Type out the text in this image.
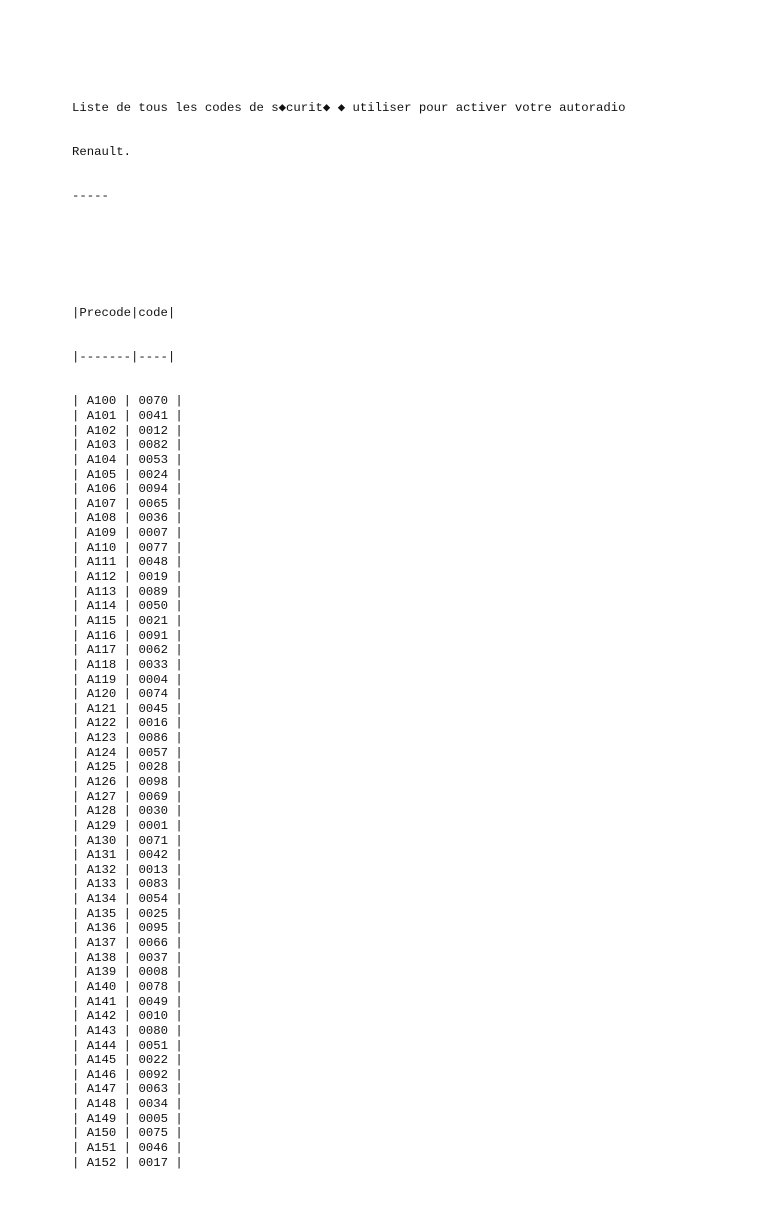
Liste de tous les codes de s◆curit◆ ◆ utiliser pour activer votre autoradio

Renault.

-----

|Precode|code|

|-------|----|

| A100 | 0070 |
| A101 | 0041 |
| A102 | 0012 |
| A103 | 0082 |
| A104 | 0053 |
| A105 | 0024 |
| A106 | 0094 |
| A107 | 0065 |
| A108 | 0036 |
| A109 | 0007 |
| A110 | 0077 |
| A111 | 0048 |
| A112 | 0019 |
| A113 | 0089 |
| A114 | 0050 |
| A115 | 0021 |
| A116 | 0091 |
| A117 | 0062 |
| A118 | 0033 |
| A119 | 0004 |
| A120 | 0074 |
| A121 | 0045 |
| A122 | 0016 |
| A123 | 0086 |
| A124 | 0057 |
| A125 | 0028 |
| A126 | 0098 |
| A127 | 0069 |
| A128 | 0030 |
| A129 | 0001 |
| A130 | 0071 |
| A131 | 0042 |
| A132 | 0013 |
| A133 | 0083 |
| A134 | 0054 |
| A135 | 0025 |
| A136 | 0095 |
| A137 | 0066 |
| A138 | 0037 |
| A139 | 0008 |
| A140 | 0078 |
| A141 | 0049 |
| A142 | 0010 |
| A143 | 0080 |
| A144 | 0051 |
| A145 | 0022 |
| A146 | 0092 |
| A147 | 0063 |
| A148 | 0034 |
| A149 | 0005 |
| A150 | 0075 |
| A151 | 0046 |
| A152 | 0017 |
